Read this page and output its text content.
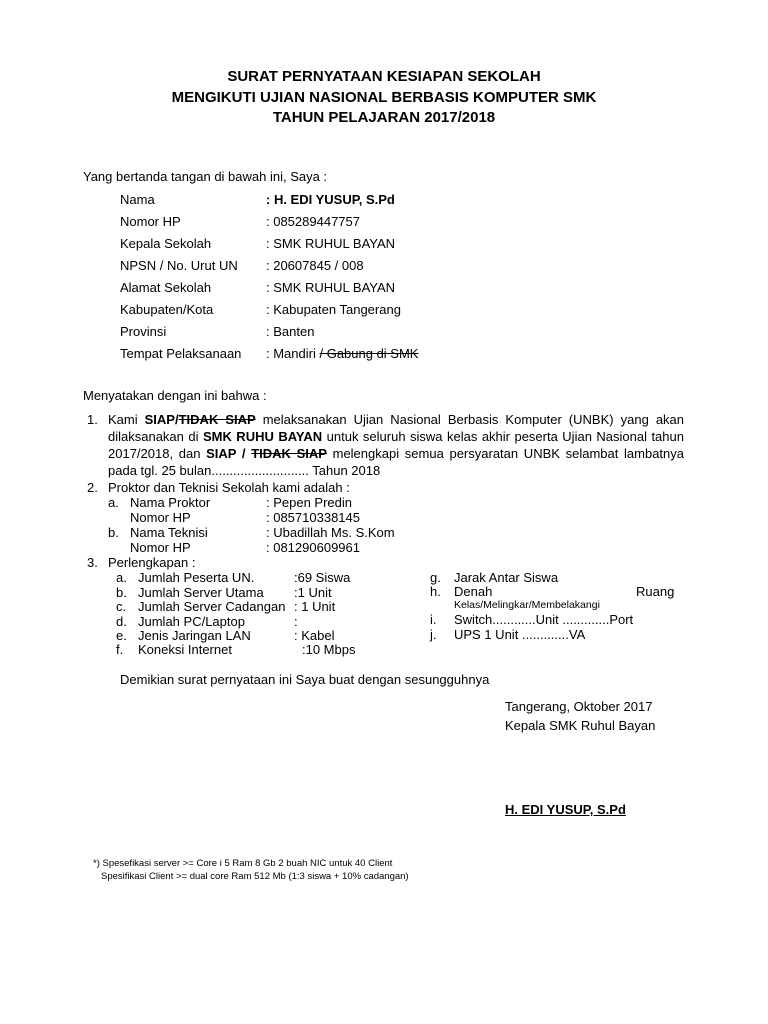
SURAT PERNYATAAN KESIAPAN SEKOLAH
MENGIKUTI UJIAN NASIONAL BERBASIS KOMPUTER SMK
TAHUN PELAJARAN 2017/2018
Yang bertanda tangan di bawah ini, Saya :
Nama	: H. EDI YUSUP, S.Pd
Nomor HP	: 085289447757
Kepala Sekolah	: SMK RUHUL BAYAN
NPSN / No. Urut UN : 20607845 / 008
Alamat Sekolah	: SMK RUHUL BAYAN
Kabupaten/Kota	: Kabupaten Tangerang
Provinsi	: Banten
Tempat Pelaksanaan : Mandiri / Gabung di SMK
Menyatakan dengan ini bahwa :
1. Kami SIAP/TIDAK SIAP melaksanakan Ujian Nasional Berbasis Komputer (UNBK) yang akan dilaksanakan di SMK RUHU BAYAN untuk seluruh siswa kelas akhir peserta Ujian Nasional tahun 2017/2018, dan SIAP / TIDAK SIAP melengkapi semua persyaratan UNBK selambat lambatnya pada tgl. 25 bulan........................... Tahun 2018
2. Proktor dan Teknisi Sekolah kami adalah :
a. Nama Proktor	: Pepen Predin
Nomor HP	: 085710338145
b. Nama Teknisi	: Ubadillah Ms. S.Kom
Nomor HP	: 081290609961
3. Perlengkapan :
a. Jumlah Peserta UN.	:69 Siswa
b. Jumlah Server Utama :1 Unit
c. Jumlah Server Cadangan : 1 Unit
d. Jumlah PC/Laptop	:
e. Jenis Jaringan LAN	: Kabel
f. Koneksi Internet	:10 Mbps
g. Jarak Antar Siswa
h. Denah	Ruang
Kelas/Melingkar/Membelakangi
i. Switch............Unit .............Port
j. UPS 1 Unit .............VA
Demikian surat pernyataan ini Saya buat dengan sesungguhnya
Tangerang, Oktober 2017
Kepala SMK Ruhul Bayan
H. EDI YUSUP, S.Pd
*) Spesefikasi server >= Core i 5 Ram 8 Gb 2 buah NIC untuk 40 Client
Spesifikasi Client >= dual core Ram 512 Mb (1:3 siswa + 10% cadangan)
